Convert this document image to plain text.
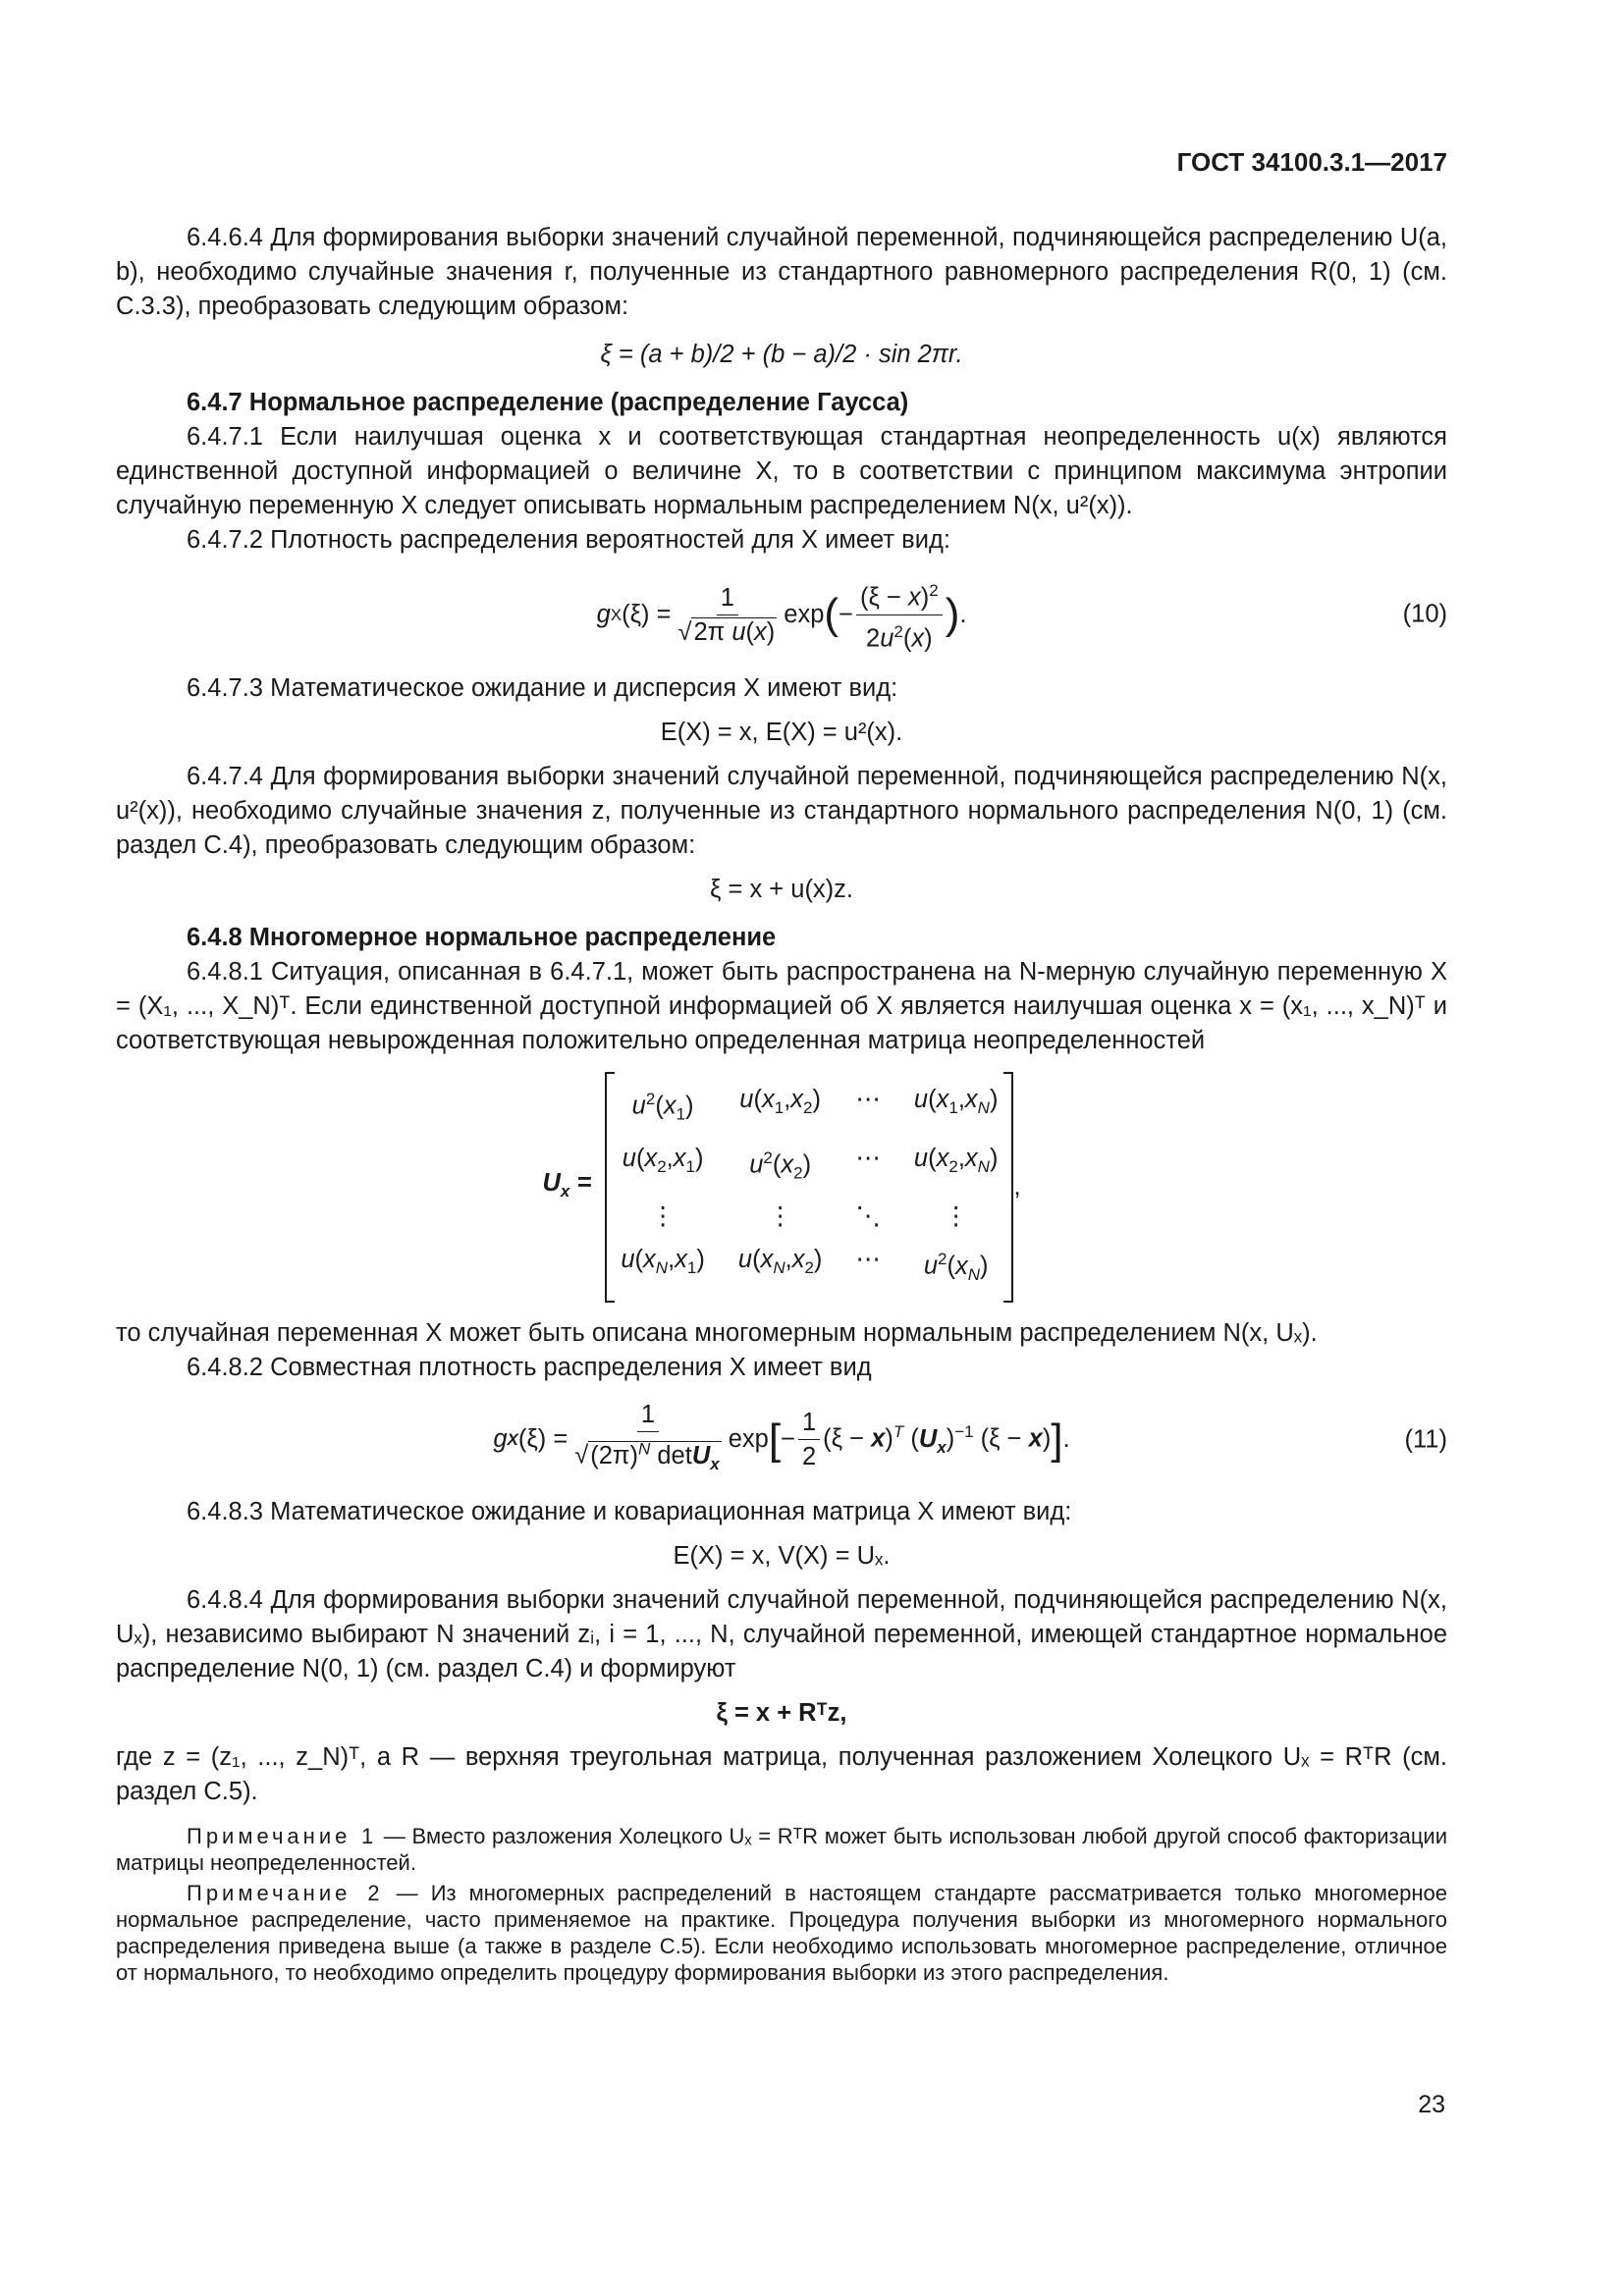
ГОСТ 34100.3.1—2017

6.4.6.4 Для формирования выборки значений случайной переменной, подчиняющейся распределению U(a, b), необходимо случайные значения r, полученные из стандартного равномерного распределения R(0, 1) (см. С.3.3), преобразовать следующим образом:

ξ = (a + b)/2 + (b − a)/2 · sin 2πr.

6.4.7 Нормальное распределение (распределение Гаусса)

6.4.7.1 Если наилучшая оценка x и соответствующая стандартная неопределенность u(x) являются единственной доступной информацией о величине X, то в соответствии с принципом максимума энтропии случайную переменную X следует описывать нормальным распределением N(x, u²(x)).

6.4.7.2 Плотность распределения вероятностей для X имеет вид:

g X $(\xi) = \frac{1}{\text{√2π u(x)}}$ exp ( − $\frac{(\xi - x)^2}{2u^2(x)}$ ) .	(10)

6.4.7.3 Математическое ожидание и дисперсия X имеют вид:

E(X) = x, E(X) = u²(x).

6.4.7.4 Для формирования выборки значений случайной переменной, подчиняющейся распределению N(x, u²(x)), необходимо случайные значения z, полученные из стандартного нормального распределения N(0, 1) (см. раздел С.4), преобразовать следующим образом:

ξ = x + u(x)z.

6.4.8 Многомерное нормальное распределение

6.4.8.1 Ситуация, описанная в 6.4.7.1, может быть распространена на N-мерную случайную переменную X = (X₁, ..., X_N)ᵀ. Если единственной доступной информацией об X является наилучшая оценка x = (x₁, ..., x_N)ᵀ и соответствующая невырожденная положительно определенная матрица неопределенностей

$U_x$ =
$u^2(x_1)$	$u(x_1,x_2)$ ⋯ $u(x_1,x_N)$
$u(x_2,x_1)$	$u^2(x_2)$	⋯ $u(x_2,x_N)$
⋮	⋮	⋱	⋮
$u(x_N,x_1)$ $u(x_N,x_2)$ ⋯	$u^2(x_N)$
,

то случайная переменная X может быть описана многомерным нормальным распределением N(x, Uₓ).

6.4.8.2 Совместная плотность распределения X имеет вид

g X $(\xi) = \frac{1}{√(2\pi)^N \det U_x}$ exp [ − $\frac{1}{2} (\xi - x)^T$ $(U_x)^{-1}$ (ξ − x) ] .	(11)

6.4.8.3 Математическое ожидание и ковариационная матрица X имеют вид:

E(X) = x, V(X) = Uₓ.

6.4.8.4 Для формирования выборки значений случайной переменной, подчиняющейся распределению N(x, Uₓ), независимо выбирают N значений zᵢ, i = 1, ..., N, случайной переменной, имеющей стандартное нормальное распределение N(0, 1) (см. раздел С.4) и формируют

ξ = x + Rᵀz,

где z = (z₁, ..., z_N)ᵀ, а R — верхняя треугольная матрица, полученная разложением Холецкого Uₓ = RᵀR (см. раздел С.5).

Примечание 1 — Вместо разложения Холецкого Uₓ = RᵀR может быть использован любой другой способ факторизации матрицы неопределенностей.

Примечание 2 — Из многомерных распределений в настоящем стандарте рассматривается только многомерное нормальное распределение, часто применяемое на практике. Процедура получения выборки из многомерного нормального распределения приведена выше (а также в разделе С.5). Если необходимо использовать многомерное распределение, отличное от нормального, то необходимо определить процедуру формирования выборки из этого распределения.

23
